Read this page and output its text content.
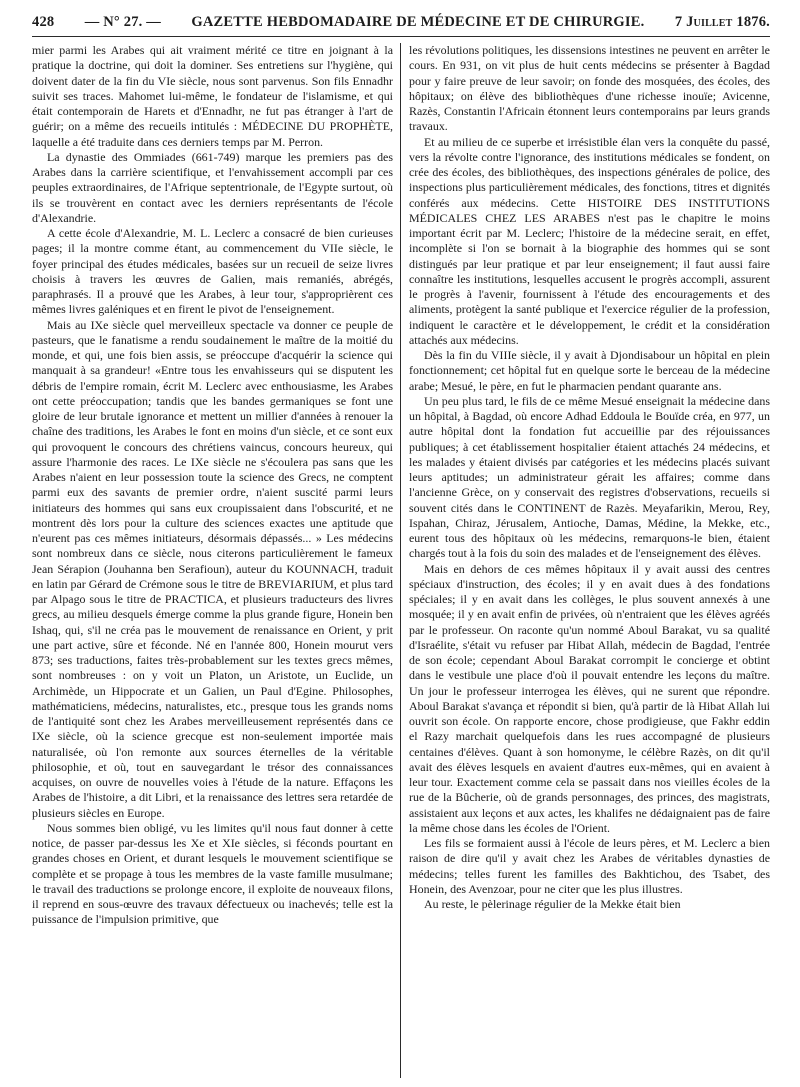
428 — N° 27. — GAZETTE HEBDOMADAIRE DE MÉDECINE ET DE CHIRURGIE. 7 Juillet 1876.

mier parmi les Arabes qui ait vraiment mérité ce titre en joignant à la pratique la doctrine, qui doit la dominer. Ses entretiens sur l'hygiène, qui doivent dater de la fin du VIe siècle, nous sont parvenus. Son fils Ennadhr suivit ses traces. Mahomet lui-même, le fondateur de l'islamisme, et qui était contemporain de Harets et d'Ennadhr, ne fut pas étranger à l'art de guérir; on a même des recueils intitulés : MÉDECINE DU PROPHÈTE, laquelle a été traduite dans ces derniers temps par M. Perron.

La dynastie des Ommiades (661-749) marque les premiers pas des Arabes dans la carrière scientifique, et l'envahissement accompli par ces peuples extraordinaires, de l'Afrique septentrionale, de l'Egypte surtout, où ils se trouvèrent en contact avec les derniers représentants de l'école d'Alexandrie.

A cette école d'Alexandrie, M. L. Leclerc a consacré de bien curieuses pages; il la montre comme étant, au commencement du VIIe siècle, le foyer principal des études médicales, basées sur un recueil de seize livres choisis à travers les œuvres de Galien, mais remaniés, abrégés, paraphrasés. Il a prouvé que les Arabes, à leur tour, s'approprièrent ces mêmes livres galéniques et en firent le pivot de l'enseignement.

Mais au IXe siècle quel merveilleux spectacle va donner ce peuple de pasteurs, que le fanatisme a rendu soudainement le maître de la moitié du monde, et qui, une fois bien assis, se préoccupe d'acquérir la science qui manquait à sa grandeur! «Entre tous les envahisseurs qui se disputent les débris de l'empire romain, écrit M. Leclerc avec enthousiasme, les Arabes ont cette préoccupation; tandis que les bandes germaniques se font une gloire de leur brutale ignorance et mettent un millier d'années à renouer la chaîne des traditions, les Arabes le font en moins d'un siècle, et ce sont eux qui provoquent le concours des chrétiens vaincus, concours heureux, qui assure l'harmonie des races. Le IXe siècle ne s'écoulera pas sans que les Arabes n'aient en leur possession toute la science des Grecs, ne comptent parmi eux des savants de premier ordre, n'aient suscité parmi leurs initiateurs des hommes qui sans eux croupissaient dans l'obscurité, et ne montrent dès lors pour la culture des sciences exactes une aptitude que n'eurent pas ces mêmes initiateurs, désormais dépassés... » Les médecins sont nombreux dans ce siècle, nous citerons particulièrement le fameux Jean Sérapion (Jouhanna ben Serafioun), auteur du KOUNNACH, traduit en latin par Gérard de Crémone sous le titre de BREVIARIUM, et plus tard par Alpago sous le titre de PRACTICA, et plusieurs traducteurs des livres grecs, au milieu desquels émerge comme la plus grande figure, Honein ben Ishaq, qui, s'il ne créa pas le mouvement de renaissance en Orient, y prit une part active, sûre et féconde. Né en l'année 800, Honein mourut vers 873; ses traductions, faites très-probablement sur les textes grecs mêmes, sont nombreuses : on y voit un Platon, un Aristote, un Euclide, un Archimède, un Hippocrate et un Galien, un Paul d'Egine. Philosophes, mathématiciens, médecins, naturalistes, etc., presque tous les grands noms de l'antiquité sont chez les Arabes merveilleusement représentés dans ce IXe siècle, où la science grecque est non-seulement importée mais naturalisée, où l'on remonte aux sources éternelles de la véritable philosophie, et où, tout en sauvegardant le trésor des connaissances acquises, on ouvre de nouvelles voies à l'étude de la nature. Effaçons les Arabes de l'histoire, a dit Libri, et la renaissance des lettres sera retardée de plusieurs siècles en Europe.

Nous sommes bien obligé, vu les limites qu'il nous faut donner à cette notice, de passer par-dessus les Xe et XIe siècles, si féconds pourtant en grandes choses en Orient, et durant lesquels le mouvement scientifique se complète et se propage à tous les membres de la vaste famille musulmane; le travail des traductions se prolonge encore, il exploite de nouveaux filons, il reprend en sous-œuvre des travaux défectueux ou inachevés; telle est la puissance de l'impulsion primitive, que

les révolutions politiques, les dissensions intestines ne peuvent en arrêter le cours. En 931, on vit plus de huit cents médecins se présenter à Bagdad pour y faire preuve de leur savoir; on fonde des mosquées, des écoles, des hôpitaux; on élève des bibliothèques d'une richesse inouïe; Avicenne, Razès, Constantin l'Africain étonnent leurs contemporains par leurs grands travaux.

Et au milieu de ce superbe et irrésistible élan vers la conquête du passé, vers la révolte contre l'ignorance, des institutions médicales se fondent, on crée des écoles, des bibliothèques, des inspections générales de police, des inspections plus particulièrement médicales, des fonctions, titres et dignités conférés aux médecins. Cette HISTOIRE DES INSTITUTIONS MÉDICALES CHEZ LES ARABES n'est pas le chapitre le moins important écrit par M. Leclerc; l'histoire de la médecine serait, en effet, incomplète si l'on se bornait à la biographie des hommes qui se sont distingués par leur pratique et par leur enseignement; il faut aussi faire connaître les institutions, lesquelles accusent le progrès accompli, assurent le progrès à l'avenir, fournissent à l'étude des encouragements et des aliments, protègent la santé publique et l'exercice régulier de la profession, indiquent le caractère et le développement, le crédit et la considération attachés aux médecins.

Dès la fin du VIIIe siècle, il y avait à Djondisabour un hôpital en plein fonctionnement; cet hôpital fut en quelque sorte le berceau de la médecine arabe; Mesué, le père, en fut le pharmacien pendant quarante ans.

Un peu plus tard, le fils de ce même Mesué enseignait la médecine dans un hôpital, à Bagdad, où encore Adhad Eddoula le Bouïde créa, en 977, un autre hôpital dont la fondation fut accueillie par des réjouissances publiques; à cet établissement hospitalier étaient attachés 24 médecins, et les malades y étaient divisés par catégories et les médecins placés suivant leurs aptitudes; un administrateur gérait les affaires; comme dans l'ancienne Grèce, on y conservait des registres d'observations, recueils si souvent cités dans le CONTINENT de Razès. Meyafarikin, Merou, Rey, Ispahan, Chiraz, Jérusalem, Antioche, Damas, Médine, la Mekke, etc., eurent tous des hôpitaux où les médecins, remarquons-le bien, étaient chargés tout à la fois du soin des malades et de l'enseignement des élèves.

Mais en dehors de ces mêmes hôpitaux il y avait aussi des centres spéciaux d'instruction, des écoles; il y en avait dues à des fondations spéciales; il y en avait dans les collèges, le plus souvent annexés à une mosquée; il y en avait enfin de privées, où n'entraient que les élèves agréés par le professeur. On raconte qu'un nommé Aboul Barakat, vu sa qualité d'Israélite, s'était vu refuser par Hibat Allah, médecin de Bagdad, l'entrée de son école; cependant Aboul Barakat corrompit le concierge et obtint dans le vestibule une place d'où il pouvait entendre les leçons du maître. Un jour le professeur interrogea les élèves, qui ne surent que répondre. Aboul Barakat s'avança et répondit si bien, qu'à partir de là Hibat Allah lui ouvrit son école. On rapporte encore, chose prodigieuse, que Fakhr eddin el Razy marchait quelquefois dans les rues accompagné de plusieurs centaines d'élèves. Quant à son homonyme, le célèbre Razès, on dit qu'il avait des élèves lesquels en avaient d'autres eux-mêmes, qui en avaient à leur tour. Exactement comme cela se passait dans nos vieilles écoles de la rue de la Bûcherie, où de grands personnages, des princes, des magistrats, assistaient aux leçons et aux actes, les khalifes ne dédaignaient pas de faire la même chose dans les écoles de l'Orient.

Les fils se formaient aussi à l'école de leurs pères, et M. Leclerc a bien raison de dire qu'il y avait chez les Arabes de véritables dynasties de médecins; telles furent les familles des Bakhtichou, des Tsabet, des Honein, des Avenzoar, pour ne citer que les plus illustres.

Au reste, le pèlerinage régulier de la Mekke était bien
